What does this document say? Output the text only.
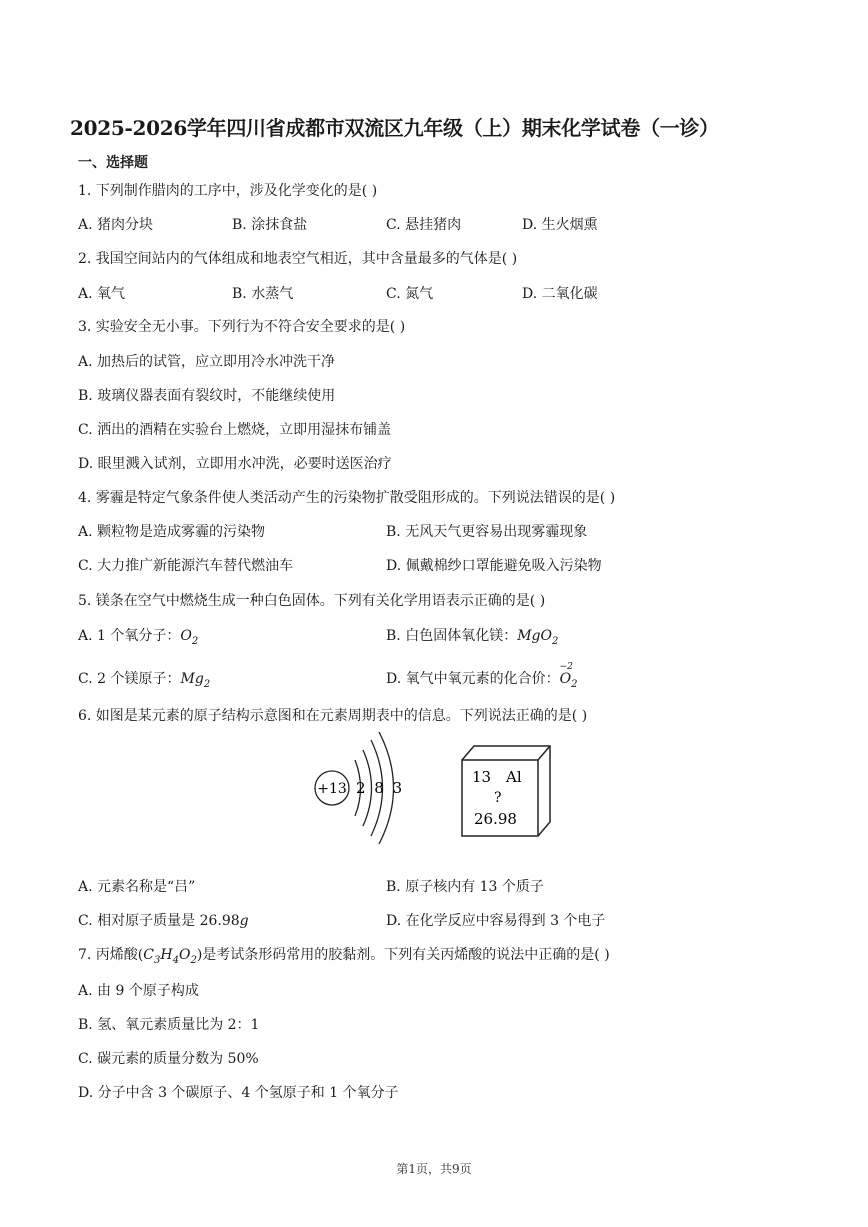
2025-2026学年四川省成都市双流区九年级（上）期末化学试卷（一诊）
一、选择题
1. 下列制作腊肉的工序中，涉及化学变化的是( )
A. 猪肉分块	B. 涂抹食盐	C. 悬挂猪肉	D. 生火烟熏
2. 我国空间站内的气体组成和地表空气相近，其中含量最多的气体是( )
A. 氧气	B. 水蒸气	C. 氮气	D. 二氧化碳
3. 实验安全无小事。下列行为不符合安全要求的是( )
A. 加热后的试管，应立即用冷水冲洗干净
B. 玻璃仪器表面有裂纹时，不能继续使用
C. 洒出的酒精在实验台上燃烧，立即用湿抹布铺盖
D. 眼里溅入试剂，立即用水冲洗，必要时送医治疗
4. 雾霾是特定气象条件使人类活动产生的污染物扩散受阻形成的。下列说法错误的是( )
A. 颗粒物是造成雾霾的污染物	B. 无风天气更容易出现雾霾现象
C. 大力推广新能源汽车替代燃油车	D. 佩戴棉纱口罩能避免吸入污染物
5. 镁条在空气中燃烧生成一种白色固体。下列有关化学用语表示正确的是( )
A. 1 个氧分子：$O_2$	B. 白色固体氧化镁：MgO$_2$
C. 2 个镁原子：$Mg_2$	D. 氧气中氧元素的化合价：
−2
$O_2$
6. 如图是某元素的原子结构示意图和在元素周期表中的信息。下列说法正确的是( )
+13 2 8 3
13 Al
?
26.98
A. 元素名称是“吕”	B. 原子核内有 13 个质子
C. 相对原子质量是 26.98g	D. 在化学反应中容易得到 3 个电子
7. 丙烯酸$(C_3H_4O_2)$是考试条形码常用的胶黏剂。下列有关丙烯酸的说法中正确的是( )
A. 由 9 个原子构成
B. 氢、氧元素质量比为 2：1
C. 碳元素的质量分数为 50%
D. 分子中含 3 个碳原子、4 个氢原子和 1 个氧分子
第1页，共9页
